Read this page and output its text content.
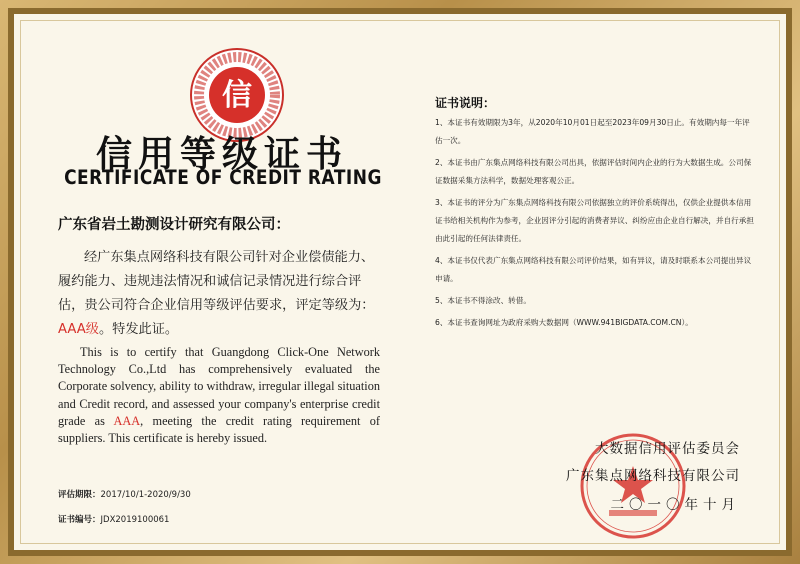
信
信用等级证书
CERTIFICATE OF CREDIT RATING
广东省岩土勘测设计研究有限公司：
经广东集点网络科技有限公司针对企业偿债能力、履约能力、违规违法情况和诚信记录情况进行综合评估，贵公司符合企业信用等级评估要求，评定等级为：AAA级。特发此证。
This is to certify that Guangdong Click-One Network Technology Co.,Ltd has comprehensively evaluated the Corporate solvency, ability to withdraw, irregular illegal situation and Credit record, and assessed your company's enterprise credit grade as AAA, meeting the credit rating requirement of suppliers. This certificate is hereby issued.
评估期限：2017/10/1-2020/9/30
证书编号：JDX2019100061
证书说明：
1、本证书有效期限为3年，从2020年10月01日起至2023年09月30日止。有效期内每一年评估一次。
2、本证书由广东集点网络科技有限公司出具，依据评估时间内企业的行为大数据生成。公司保证数据采集方法科学，数据处理客观公正。
3、本证书的评分为广东集点网络科技有限公司依据独立的评价系统得出，仅供企业提供本信用证书给相关机构作为参考，企业因评分引起的消费者异议、纠纷应由企业自行解决，并自行承担由此引起的任何法律责任。
4、本证书仅代表广东集点网络科技有限公司评价结果，如有异议，请及时联系本公司提出异议申请。
5、本证书不得涂改、转借。
6、本证书查询网址为政府采购大数据网（WWW.941BIGDATA.COM.CN）。
大数据信用评估委员会
广东集点网络科技有限公司
二〇一〇年十月
